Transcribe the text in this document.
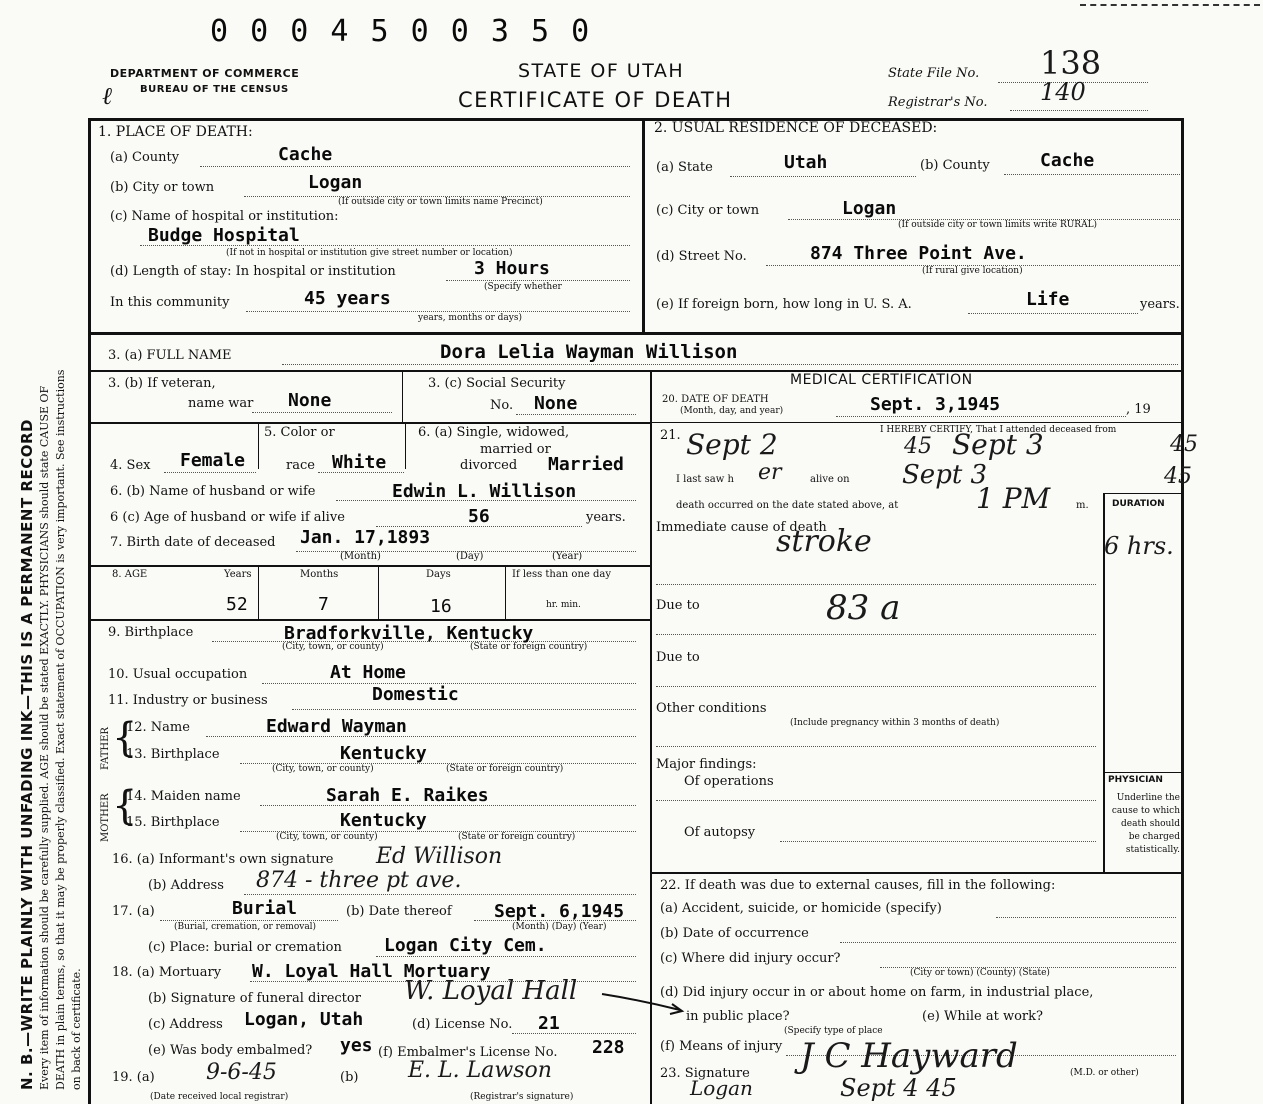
0 0 0 4 5 0 0 3 5 0
DEPARTMENT OF COMMERCE
BUREAU OF THE CENSUS
STATE OF UTAH
CERTIFICATE OF DEATH
State File No. 138
Registrar's No. 140
ℓ
N. B.—WRITE PLAINLY WITH UNFADING INK—THIS IS A PERMANENT RECORD Every item of information should be carefully supplied. AGE should be stated EXACTLY. PHYSICIANS should state CAUSE OF DEATH in plain terms, so that it may be properly classified. Exact statement of OCCUPATION is very important. See instructions on back of certificate.
1. PLACE OF DEATH:
(a) County	Cache
(b) City or town	Logan
(If outside city or town limits name Precinct)
(c) Name of hospital or institution:
Budge Hospital
(If not in hospital or institution give street number or location)
(d) Length of stay: In hospital or institution	3 Hours
(Specify whether
In this community	45 years
years, months or days)
2. USUAL RESIDENCE OF DECEASED:
(a) State	Utah	(b) County	Cache
(c) City or town	Logan
(If outside city or town limits write RURAL)
(d) Street No.	874 Three Point Ave.
(If rural give location)
(e) If foreign born, how long in U. S. A.	Life	years.
3. (a) FULL NAME	Dora Lelia Wayman Willison
3. (b) If veteran,
name war None
3. (c) Social Security
No. None
MEDICAL CERTIFICATION
20. DATE OF DEATH
(Month, day, and year)	Sept. 3,1945	, 19
5. Color or	6. (a) Single, widowed,
married or
divorced
4. Sex Female	race White	Married
6. (b) Name of husband or wife	Edwin L. Willison
6 (c) Age of husband or wife if alive	56	years.
7. Birth date of deceased Jan. 17,1893
(Month)	(Day)	(Year)
8. AGE	Years	Months	Days	If less than one day
52	7	16	hr. min.
9. Birthplace	Bradforkville, Kentucky
(City, town, or county)	(State or foreign country)
10. Usual occupation	At Home
11. Industry or business	Domestic
FATHER {
12. Name	Edward Wayman
13. Birthplace	Kentucky
(City, town, or county)	(State or foreign country)
MOTHER {
14. Maiden name	Sarah E. Raikes
15. Birthplace	Kentucky
(City, town, or county)	(State or foreign country)
16. (a) Informant's own signature Ed Willison
(b) Address 874 - three pt ave.
17. (a)	Burial
(Burial, cremation, or removal)
(b) Date thereof Sept. 6,1945
(Month) (Day) (Year)
(c) Place: burial or cremation Logan City Cem.
18. (a) Mortuary W. Loyal Hall Mortuary
(b) Signature of funeral director W. Loyal Hall
(c) Address Logan, Utah	(d) License No. 21
(e) Was body embalmed? yes (f) Embalmer's License No. 228
19. (a) 9-6-45	(b) E. L. Lawson
(Date received local registrar)	(Registrar's signature)
21.	I HEREBY CERTIFY, That I attended deceased from
Sept 2	45 Sept 3	45
I last saw h er	alive on Sept 3	45
death occurred on the date stated above, at	1 PM	m.	DURATION
Immediate cause of death
stroke	6 hrs.
Due to	83 a
Due to
Other conditions
(Include pregnancy within 3 months of death)
Major findings:
Of operations
Of autopsy
PHYSICIAN
Underline the cause to which death should be charged statistically.
22. If death was due to external causes, fill in the following:
(a) Accident, suicide, or homicide (specify)
(b) Date of occurrence
(c) Where did injury occur?
(City or town) (County) (State)
(d) Did injury occur in or about home on farm, in industrial place,
in public place?
(Specify type of place
(e) While at work?
(f) Means of injury
23. Signature J C Hayward	(M.D. or other)
Logan	Sept 4 45
